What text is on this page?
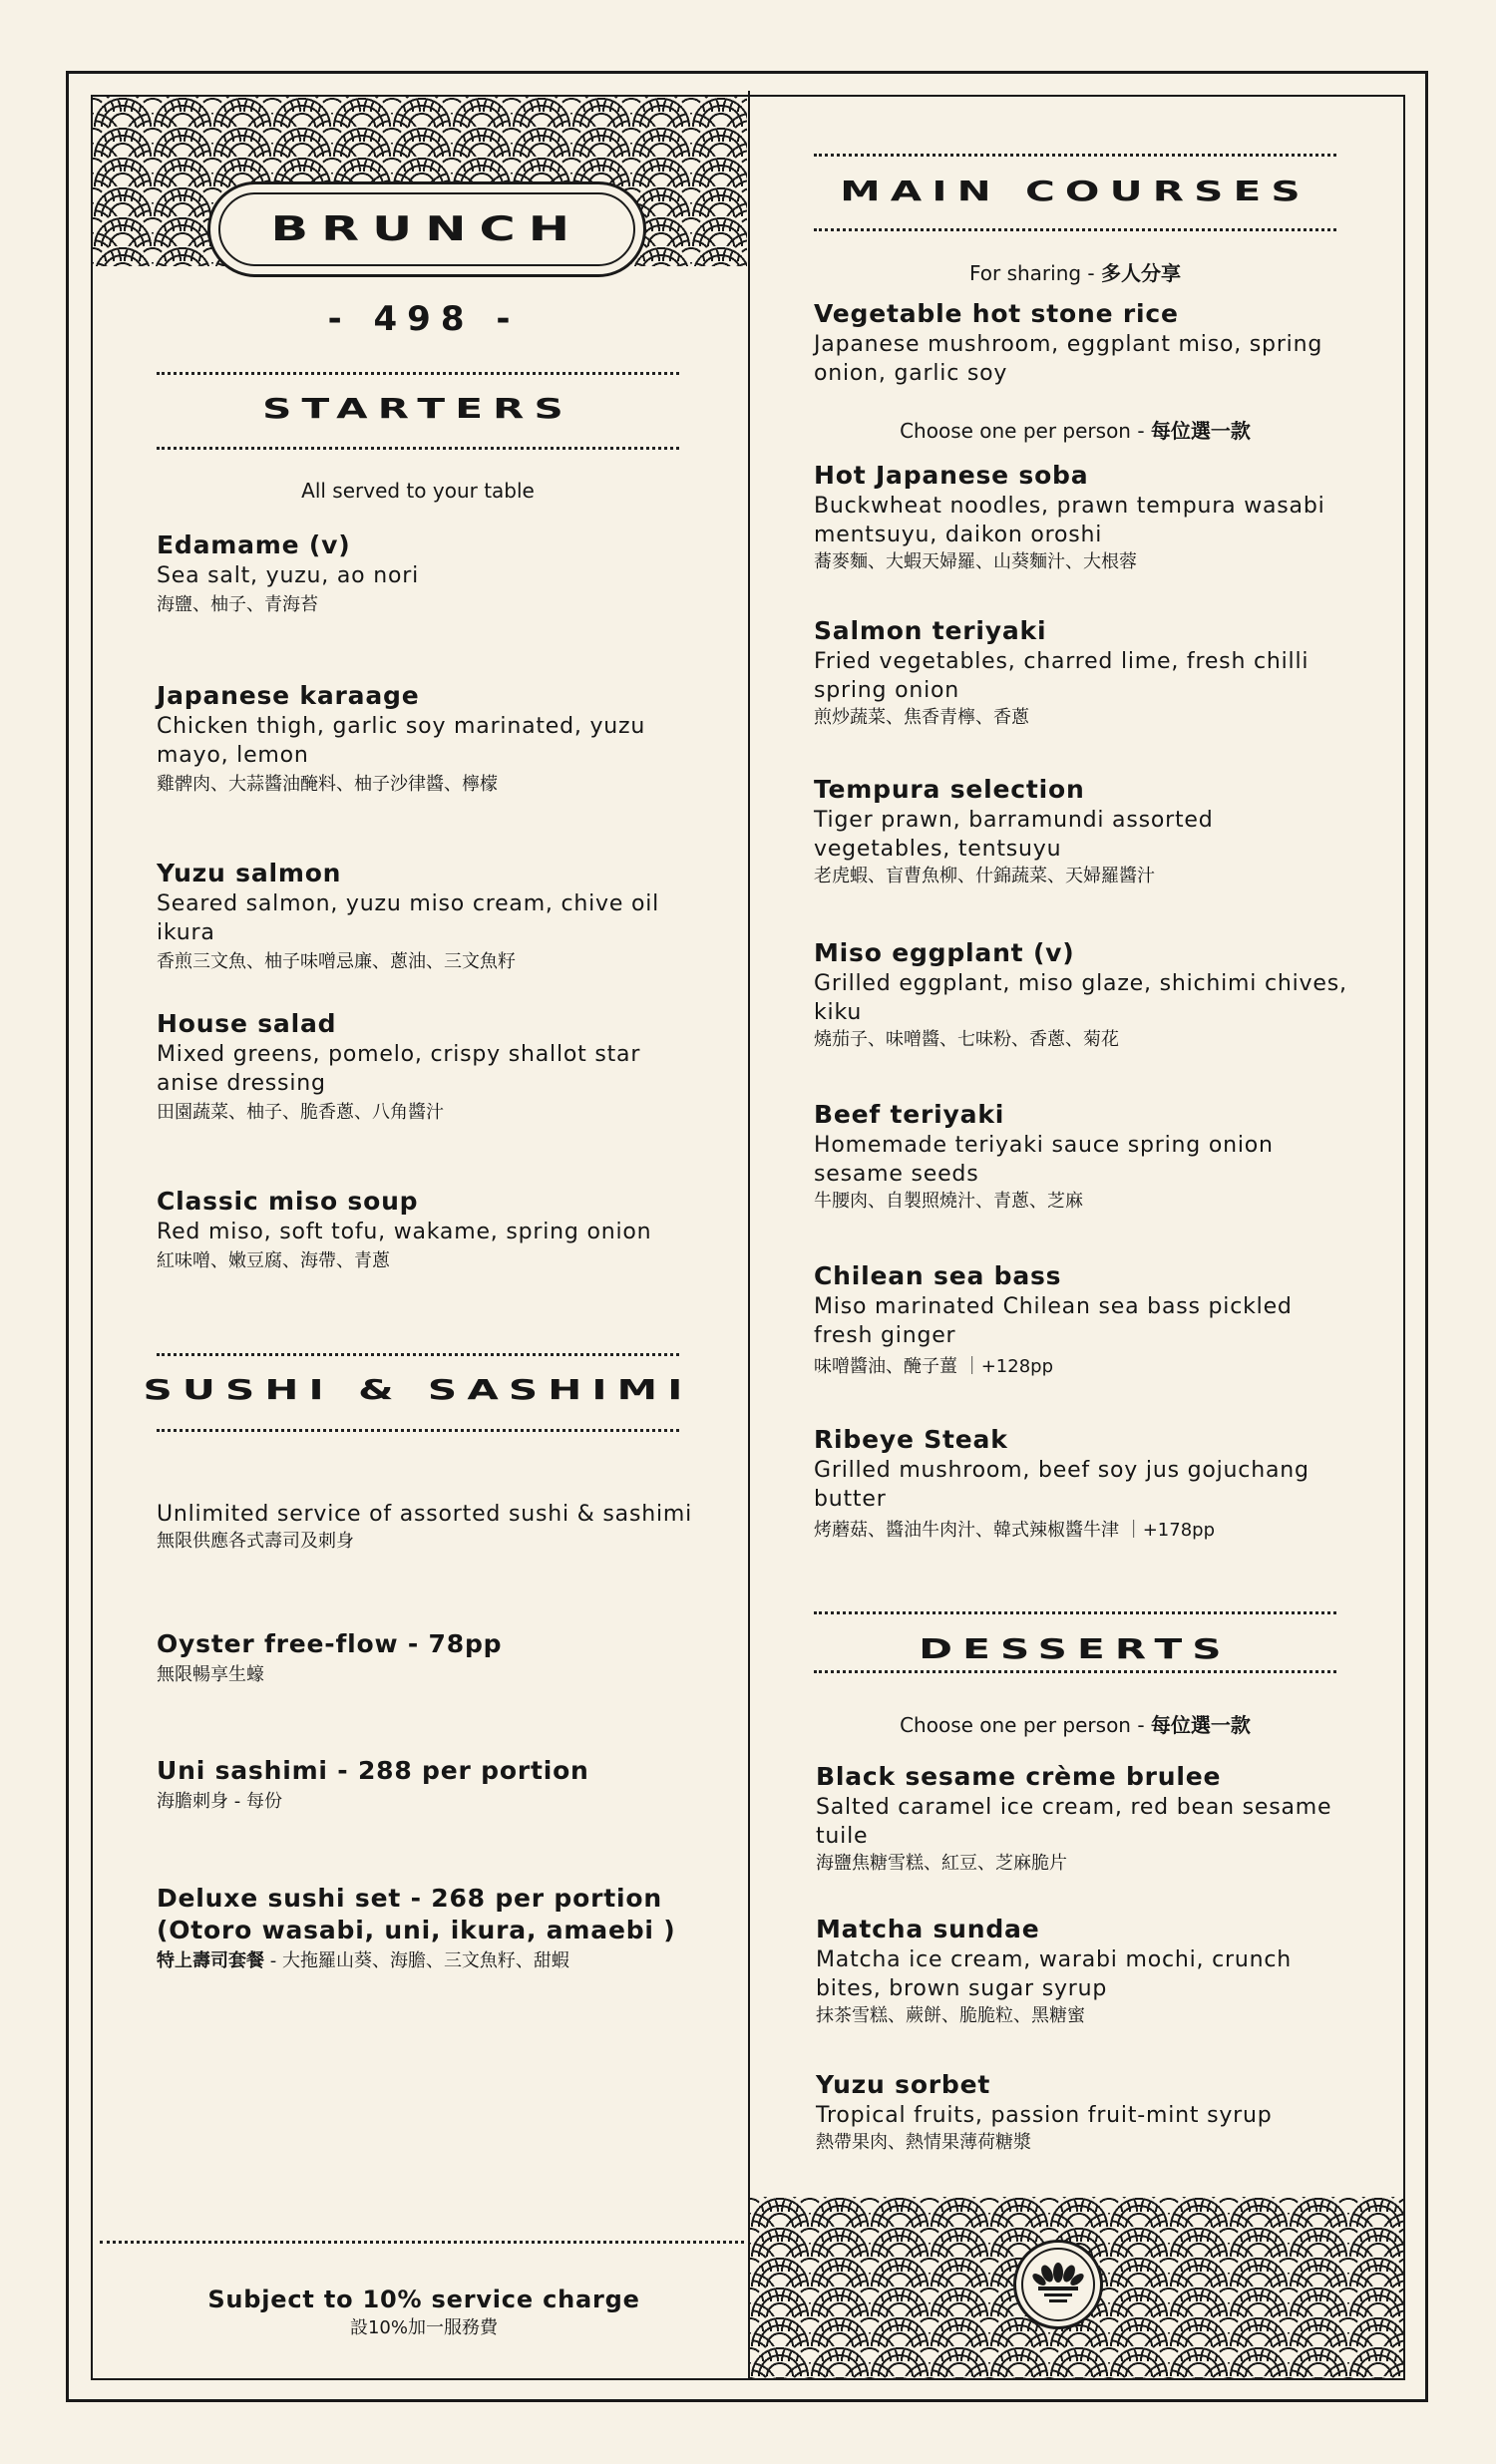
BRUNCH
- 498 -
STARTERS
All served to your table
Edamame (v)
Sea salt, yuzu, ao nori
海鹽、柚子、青海苔
Japanese karaage
Chicken thigh, garlic soy marinated, yuzu mayo, lemon
雞髀肉、大蒜醬油醃料、柚子沙律醬、檸檬
Yuzu salmon
Seared salmon, yuzu miso cream, chive oil ikura
香煎三文魚、柚子味噌忌廉、蔥油、三文魚籽
House salad
Mixed greens, pomelo, crispy shallot star anise dressing
田園蔬菜、柚子、脆香蔥、八角醬汁
Classic miso soup
Red miso, soft tofu, wakame, spring onion
紅味噌、嫩豆腐、海帶、青蔥
SUSHI & SASHIMI
Unlimited service of assorted sushi & sashimi
無限供應各式壽司及刺身
Oyster free-flow - 78pp
無限暢享生蠔
Uni sashimi - 288 per portion
海膽刺身 - 每份
Deluxe sushi set - 268 per portion
(Otoro wasabi, uni, ikura, amaebi )
特上壽司套餐 - 大拖羅山葵、海膽、三文魚籽、甜蝦
Subject to 10% service charge
設10%加一服務費
MAIN COURSES
For sharing - 多人分享
Vegetable hot stone rice
Japanese mushroom, eggplant miso, spring onion, garlic soy
Choose one per person - 每位選一款
Hot Japanese soba
Buckwheat noodles, prawn tempura wasabi mentsuyu, daikon oroshi
蕎麥麵、大蝦天婦羅、山葵麵汁、大根蓉
Salmon teriyaki
Fried vegetables, charred lime, fresh chilli spring onion
煎炒蔬菜、焦香青檸、香蔥
Tempura selection
Tiger prawn, barramundi assorted vegetables, tentsuyu
老虎蝦、盲曹魚柳、什錦蔬菜、天婦羅醬汁
Miso eggplant (v)
Grilled eggplant, miso glaze, shichimi chives, kiku
燒茄子、味噌醬、七味粉、香蔥、菊花
Beef teriyaki
Homemade teriyaki sauce spring onion sesame seeds
牛腰肉、自製照燒汁、青蔥、芝麻
Chilean sea bass
Miso marinated Chilean sea bass pickled fresh ginger
味噌醬油、醃子薑 ｜+128pp
Ribeye Steak
Grilled mushroom, beef soy jus gojuchang butter
烤蘑菇、醬油牛肉汁、韓式辣椒醬牛津 ｜+178pp
DESSERTS
Choose one per person - 每位選一款
Black sesame crème brulee
Salted caramel ice cream, red bean sesame tuile
海鹽焦糖雪糕、紅豆、芝麻脆片
Matcha sundae
Matcha ice cream, warabi mochi, crunch bites, brown sugar syrup
抹茶雪糕、蕨餅、脆脆粒、黑糖蜜
Yuzu sorbet
Tropical fruits, passion fruit-mint syrup
熱帶果肉、熱情果薄荷糖漿
